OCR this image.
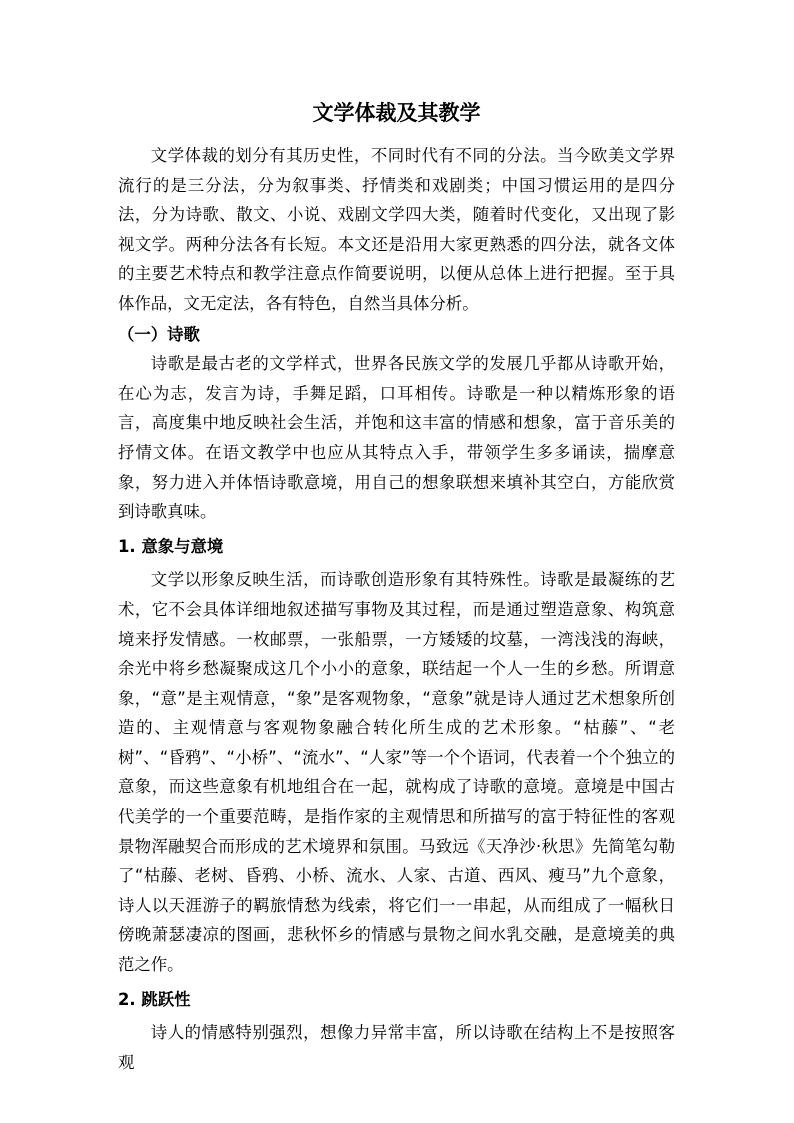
文学体裁及其教学

文学体裁的划分有其历史性，不同时代有不同的分法。当今欧美文学界流行的是三分法，分为叙事类、抒情类和戏剧类；中国习惯运用的是四分法，分为诗歌、散文、小说、戏剧文学四大类，随着时代变化，又出现了影视文学。两种分法各有长短。本文还是沿用大家更熟悉的四分法，就各文体的主要艺术特点和教学注意点作简要说明，以便从总体上进行把握。至于具体作品，文无定法，各有特色，自然当具体分析。

（一）诗歌

诗歌是最古老的文学样式，世界各民族文学的发展几乎都从诗歌开始，在心为志，发言为诗，手舞足蹈，口耳相传。诗歌是一种以精炼形象的语言，高度集中地反映社会生活，并饱和这丰富的情感和想象，富于音乐美的抒情文体。在语文教学中也应从其特点入手，带领学生多多诵读，揣摩意象，努力进入并体悟诗歌意境，用自己的想象联想来填补其空白，方能欣赏到诗歌真味。

1. 意象与意境

文学以形象反映生活，而诗歌创造形象有其特殊性。诗歌是最凝练的艺术，它不会具体详细地叙述描写事物及其过程，而是通过塑造意象、构筑意境来抒发情感。一枚邮票，一张船票，一方矮矮的坟墓，一湾浅浅的海峡，余光中将乡愁凝聚成这几个小小的意象，联结起一个人一生的乡愁。所谓意象，“意”是主观情意，“象”是客观物象，“意象”就是诗人通过艺术想象所创造的、主观情意与客观物象融合转化所生成的艺术形象。“枯藤”、“老树”、“昏鸦”、“小桥”、“流水”、“人家”等一个个语词，代表着一个个独立的意象，而这些意象有机地组合在一起，就构成了诗歌的意境。意境是中国古代美学的一个重要范畴，是指作家的主观情思和所描写的富于特征性的客观景物浑融契合而形成的艺术境界和氛围。马致远《天净沙·秋思》先简笔勾勒了“枯藤、老树、昏鸦、小桥、流水、人家、古道、西风、瘦马”九个意象，诗人以天涯游子的羁旅情愁为线索，将它们一一串起，从而组成了一幅秋日傍晚萧瑟凄凉的图画，悲秋怀乡的情感与景物之间水乳交融，是意境美的典范之作。

2. 跳跃性

诗人的情感特别强烈，想像力异常丰富，所以诗歌在结构上不是按照客观
